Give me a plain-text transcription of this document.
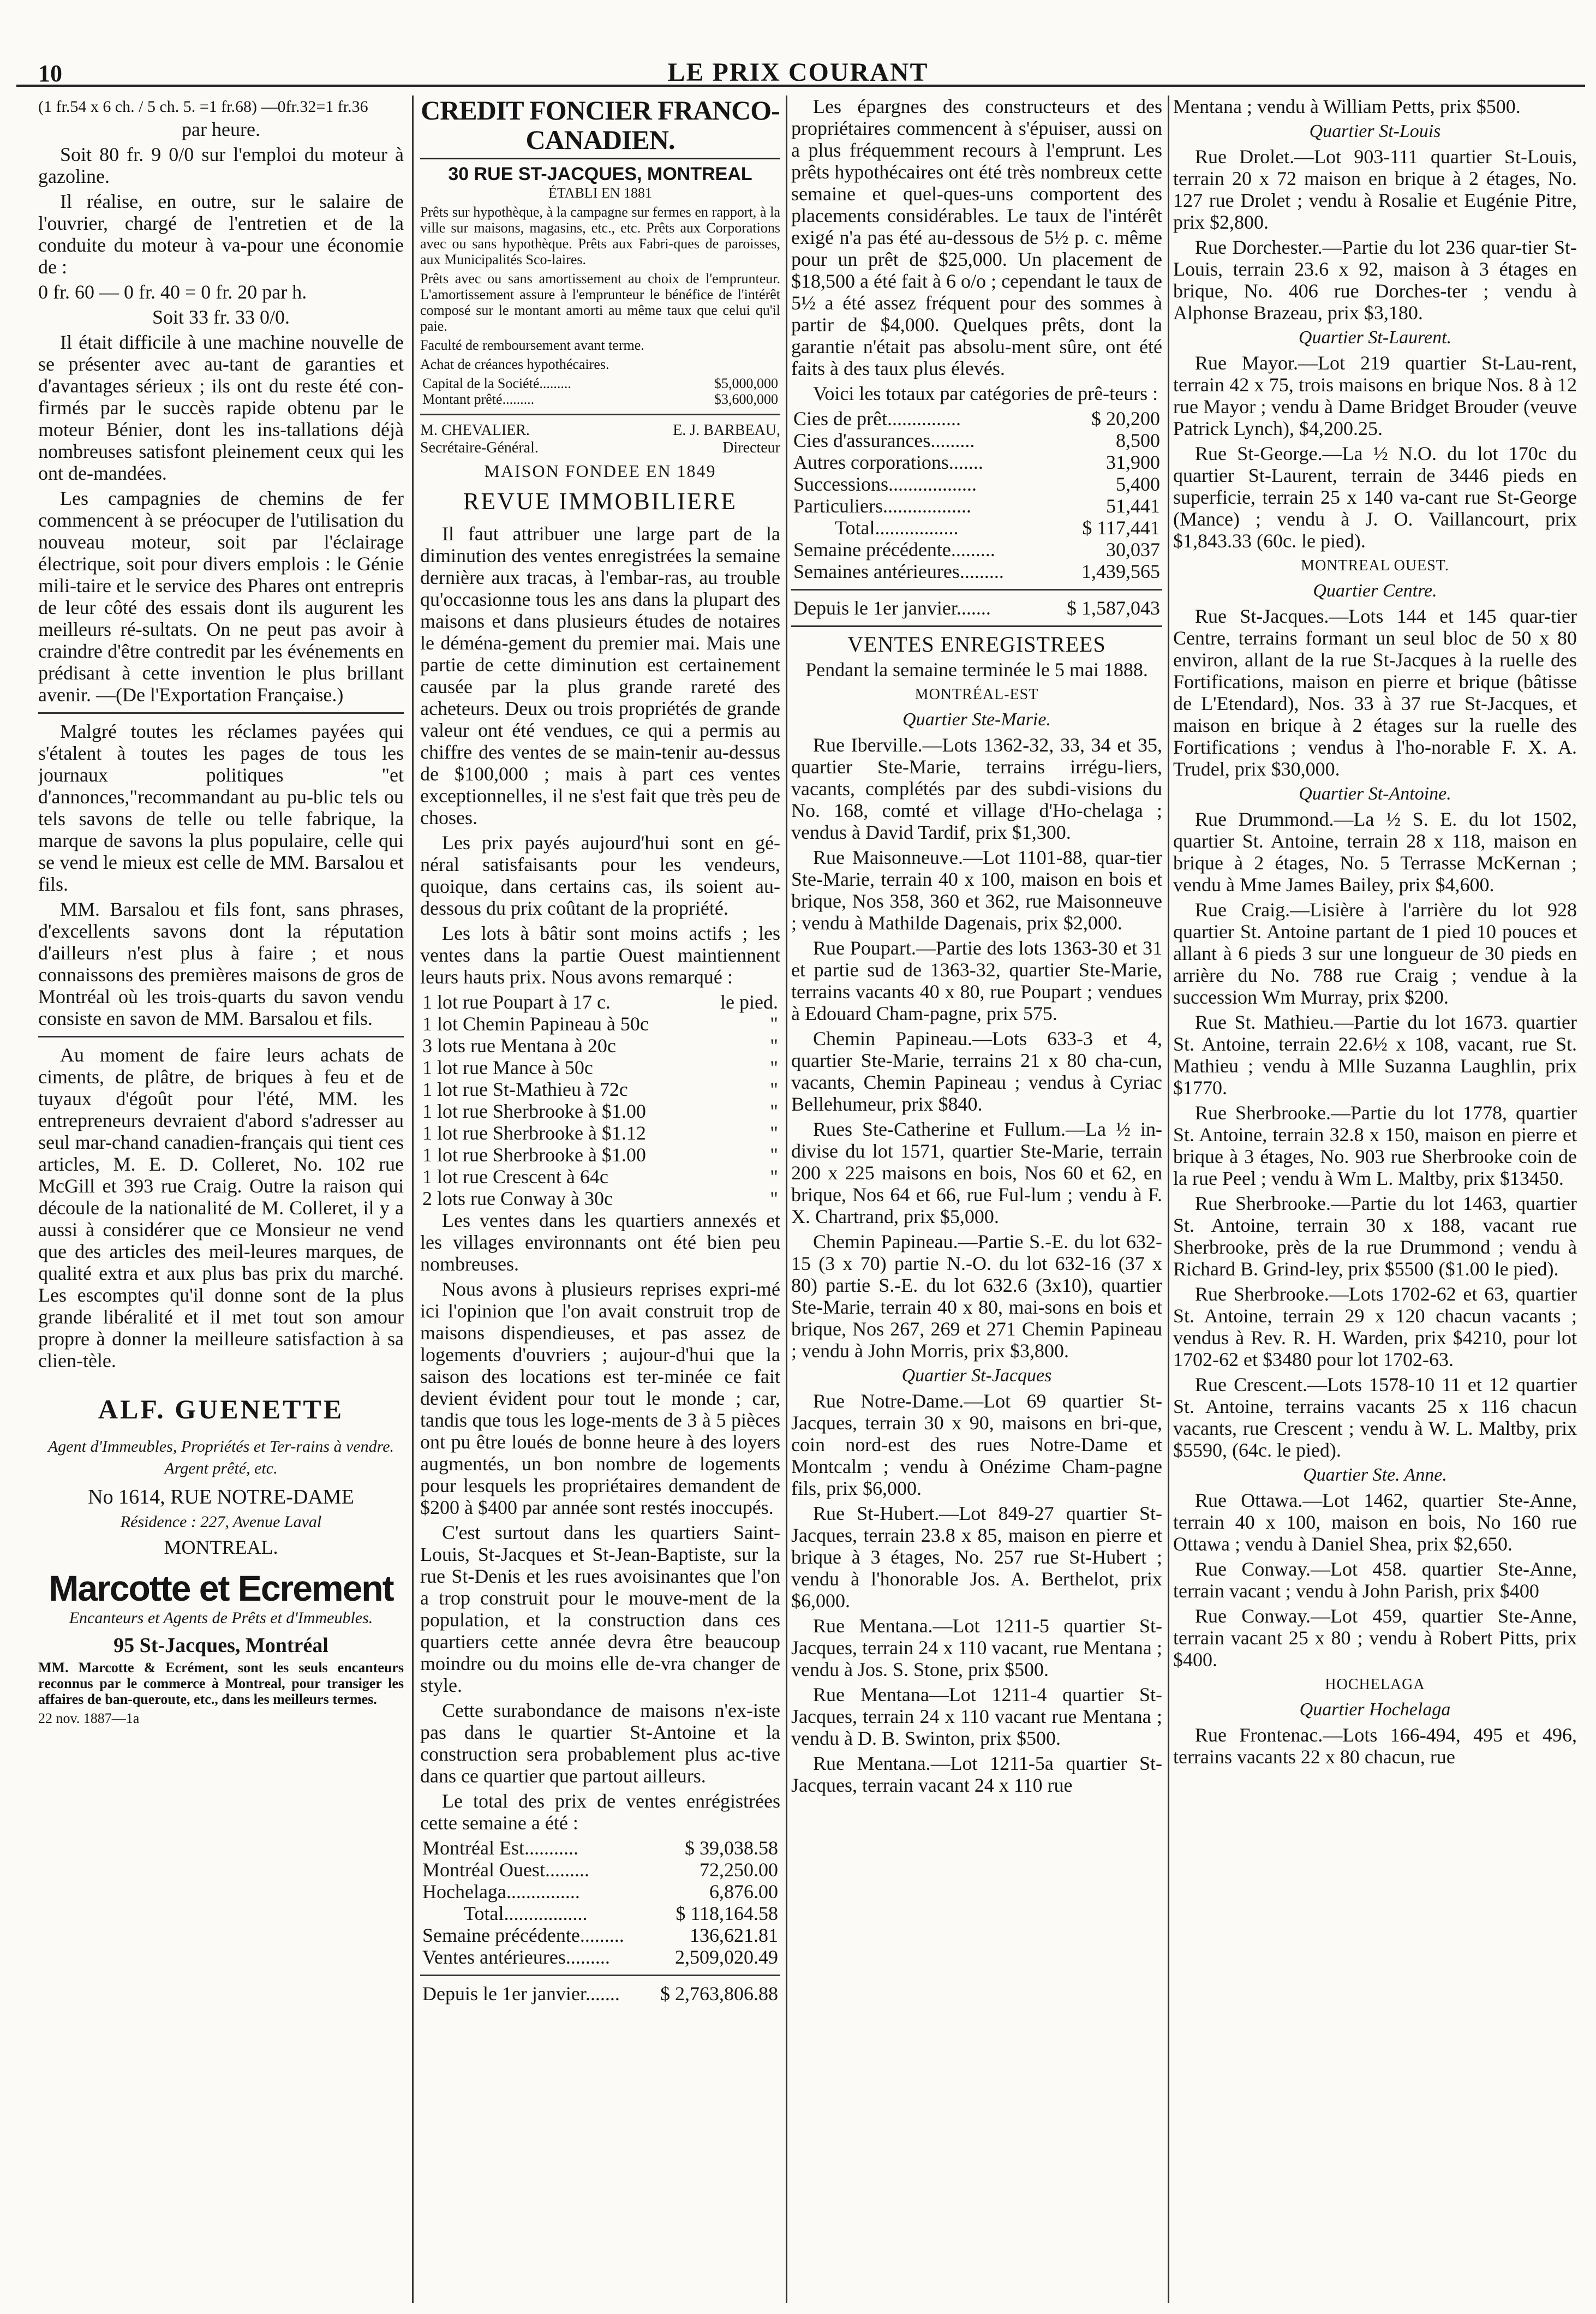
10	LE PRIX COURANT

(1 fr.54 x 6 ch. / 5 ch. 5. =1 fr.68) —0fr.32=1 fr.36

par heure.

Soit 80 fr. 9 0/0 sur l'emploi du moteur à gazoline.

Il réalise, en outre, sur le salaire de l'ouvrier, chargé de l'entretien et de la conduite du moteur à va-pour une économie de :

0 fr. 60 — 0 fr. 40 = 0 fr. 20 par h.

Soit 33 fr. 33 0/0.

Il était difficile à une machine nouvelle de se présenter avec au-tant de garanties et d'avantages sérieux ; ils ont du reste été con-firmés par le succès rapide obtenu par le moteur Bénier, dont les ins-tallations déjà nombreuses satisfont pleinement ceux qui les ont de-mandées.

Les campagnies de chemins de fer commencent à se préocuper de l'utilisation du nouveau moteur, soit par l'éclairage électrique, soit pour divers emplois : le Génie mili-taire et le service des Phares ont entrepris de leur côté des essais dont ils augurent les meilleurs ré-sultats. On ne peut pas avoir à craindre d'être contredit par les événements en prédisant à cette invention le plus brillant avenir. —(De l'Exportation Française.)

Malgré toutes les réclames payées qui s'étalent à toutes les pages de tous les journaux politiques "et d'annonces,"recommandant au pu-blic tels ou tels savons de telle ou telle fabrique, la marque de savons la plus populaire, celle qui se vend le mieux est celle de MM. Barsalou et fils.

MM. Barsalou et fils font, sans phrases, d'excellents savons dont la réputation d'ailleurs n'est plus à faire ; et nous connaissons des premières maisons de gros de Montréal où les trois-quarts du savon vendu consiste en savon de MM. Barsalou et fils.

Au moment de faire leurs achats de ciments, de plâtre, de briques à feu et de tuyaux d'égoût pour l'été, MM. les entrepreneurs devraient d'abord s'adresser au seul mar-chand canadien-français qui tient ces articles, M. E. D. Colleret, No. 102 rue McGill et 393 rue Craig. Outre la raison qui découle de la nationalité de M. Colleret, il y a aussi à considérer que ce Monsieur ne vend que des articles des meil-leures marques, de qualité extra et aux plus bas prix du marché. Les escomptes qu'il donne sont de la plus grande libéralité et il met tout son amour propre à donner la meilleure satisfaction à sa clien-tèle.

ALF. GUENETTE

Agent d'Immeubles, Propriétés et Ter-rains à vendre. Argent prêté, etc.

No 1614, RUE NOTRE-DAME

Résidence : 227, Avenue Laval

MONTREAL.

Marcotte et Ecrement

Encanteurs et Agents de Prêts et d'Immeubles.

95 St-Jacques, Montréal

MM. Marcotte & Ecrément, sont les seuls encanteurs reconnus par le commerce à Montreal, pour transiger les affaires de ban-queroute, etc., dans les meilleurs termes.

22 nov. 1887—1a

CREDIT FONCIER FRANCO-CANADIEN.
30 RUE ST-JACQUES, MONTREAL

ÉTABLI EN 1881

Prêts sur hypothèque, à la campagne sur fermes en rapport, à la ville sur maisons, magasins, etc., etc. Prêts aux Corporations avec ou sans hypothèque. Prêts aux Fabri-ques de paroisses, aux Municipalités Sco-laires.

Prêts avec ou sans amortissement au choix de l'emprunteur. L'amortissement assure à l'emprunteur le bénéfice de l'intérêt composé sur le montant amorti au même taux que celui qu'il paie.

Faculté de remboursement avant terme.

Achat de créances hypothécaires.

Capital de la Société.........	$5,000,000
Montant prêté.........	$3,600,000
M. CHEVALIER.	E. J. BARBEAU,
Secrétaire-Général.	Directeur

MAISON FONDEE EN 1849

REVUE IMMOBILIERE

Il faut attribuer une large part de la diminution des ventes enregistrées la semaine dernière aux tracas, à l'embar-ras, au trouble qu'occasionne tous les ans dans la plupart des maisons et dans plusieurs études de notaires le déména-gement du premier mai. Mais une partie de cette diminution est certainement causée par la plus grande rareté des acheteurs. Deux ou trois propriétés de grande valeur ont été vendues, ce qui a permis au chiffre des ventes de se main-tenir au-dessus de $100,000 ; mais à part ces ventes exceptionnelles, il ne s'est fait que très peu de choses.

Les prix payés aujourd'hui sont en gé-néral satisfaisants pour les vendeurs, quoique, dans certains cas, ils soient au-dessous du prix coûtant de la propriété.

Les lots à bâtir sont moins actifs ; les ventes dans la partie Ouest maintiennent leurs hauts prix. Nous avons remarqué :

1 lot rue Poupart à 17 c.	le pied.
1 lot Chemin Papineau à 50c	"
3 lots rue Mentana à 20c	"
1 lot rue Mance à 50c	"
1 lot rue St-Mathieu à 72c	"
1 lot rue Sherbrooke à $1.00	"
1 lot rue Sherbrooke à $1.12	"
1 lot rue Sherbrooke à $1.00	"
1 lot rue Crescent à 64c	"
2 lots rue Conway à 30c	"

Les ventes dans les quartiers annexés et les villages environnants ont été bien peu nombreuses.

Nous avons à plusieurs reprises expri-mé ici l'opinion que l'on avait construit trop de maisons dispendieuses, et pas assez de logements d'ouvriers ; aujour-d'hui que la saison des locations est ter-minée ce fait devient évident pour tout le monde ; car, tandis que tous les loge-ments de 3 à 5 pièces ont pu être loués de bonne heure à des loyers augmentés, un bon nombre de logements pour lesquels les propriétaires demandent de $200 à $400 par année sont restés inoccupés.

C'est surtout dans les quartiers Saint-Louis, St-Jacques et St-Jean-Baptiste, sur la rue St-Denis et les rues avoisinantes que l'on a trop construit pour le mouve-ment de la population, et la construction dans ces quartiers cette année devra être beaucoup moindre ou du moins elle de-vra changer de style.

Cette surabondance de maisons n'ex-iste pas dans le quartier St-Antoine et la construction sera probablement plus ac-tive dans ce quartier que partout ailleurs.

Le total des prix de ventes enrégistrées cette semaine a été :

Montréal Est...........	$ 39,038.58
Montréal Ouest.........	72,250.00
Hochelaga...............	6,876.00
Total.................	$ 118,164.58
Semaine précédente.........	136,621.81
Ventes antérieures.........	2,509,020.49
Depuis le 1er janvier.......	$ 2,763,806.88

Les épargnes des constructeurs et des propriétaires commencent à s'épuiser, aussi on a plus fréquemment recours à l'emprunt. Les prêts hypothécaires ont été très nombreux cette semaine et quel-ques-uns comportent des placements considérables. Le taux de l'intérêt exigé n'a pas été au-dessous de 5½ p. c. même pour un prêt de $25,000. Un placement de $18,500 a été fait à 6 o/o ; cependant le taux de 5½ a été assez fréquent pour des sommes à partir de $4,000. Quelques prêts, dont la garantie n'était pas absolu-ment sûre, ont été faits à des taux plus élevés.

Voici les totaux par catégories de prê-teurs :

Cies de prêt...............	$ 20,200
Cies d'assurances.........	8,500
Autres corporations.......	31,900
Successions..................	5,400
Particuliers..................	51,441
Total.................	$ 117,441
Semaine précédente.........	30,037
Semaines antérieures.........	1,439,565
Depuis le 1er janvier.......	$ 1,587,043

VENTES ENREGISTREES

Pendant la semaine terminée le 5 mai 1888.

MONTRÉAL-EST

Quartier Ste-Marie.

Rue Iberville.—Lots 1362-32, 33, 34 et 35, quartier Ste-Marie, terrains irrégu-liers, vacants, complétés par des subdi-visions du No. 168, comté et village d'Ho-chelaga ; vendus à David Tardif, prix $1,300.

Rue Maisonneuve.—Lot 1101-88, quar-tier Ste-Marie, terrain 40 x 100, maison en bois et brique, Nos 358, 360 et 362, rue Maisonneuve ; vendu à Mathilde Dagenais, prix $2,000.

Rue Poupart.—Partie des lots 1363-30 et 31 et partie sud de 1363-32, quartier Ste-Marie, terrains vacants 40 x 80, rue Poupart ; vendues à Edouard Cham-pagne, prix 575.

Chemin Papineau.—Lots 633-3 et 4, quartier Ste-Marie, terrains 21 x 80 cha-cun, vacants, Chemin Papineau ; vendus à Cyriac Bellehumeur, prix $840.

Rues Ste-Catherine et Fullum.—La ½ in-divise du lot 1571, quartier Ste-Marie, terrain 200 x 225 maisons en bois, Nos 60 et 62, en brique, Nos 64 et 66, rue Ful-lum ; vendu à F. X. Chartrand, prix $5,000.

Chemin Papineau.—Partie S.-E. du lot 632-15 (3 x 70) partie N.-O. du lot 632-16 (37 x 80) partie S.-E. du lot 632.6 (3x10), quartier Ste-Marie, terrain 40 x 80, mai-sons en bois et brique, Nos 267, 269 et 271 Chemin Papineau ; vendu à John Morris, prix $3,800.

Quartier St-Jacques

Rue Notre-Dame.—Lot 69 quartier St-Jacques, terrain 30 x 90, maisons en bri-que, coin nord-est des rues Notre-Dame et Montcalm ; vendu à Onézime Cham-pagne fils, prix $6,000.

Rue St-Hubert.—Lot 849-27 quartier St-Jacques, terrain 23.8 x 85, maison en pierre et brique à 3 étages, No. 257 rue St-Hubert ; vendu à l'honorable Jos. A. Berthelot, prix $6,000.

Rue Mentana.—Lot 1211-5 quartier St-Jacques, terrain 24 x 110 vacant, rue Mentana ; vendu à Jos. S. Stone, prix $500.

Rue Mentana—Lot 1211-4 quartier St-Jacques, terrain 24 x 110 vacant rue Mentana ; vendu à D. B. Swinton, prix $500.

Rue Mentana.—Lot 1211-5a quartier St-Jacques, terrain vacant 24 x 110 rue

Mentana ; vendu à William Petts, prix $500.

Quartier St-Louis

Rue Drolet.—Lot 903-111 quartier St-Louis, terrain 20 x 72 maison en brique à 2 étages, No. 127 rue Drolet ; vendu à Rosalie et Eugénie Pitre, prix $2,800.

Rue Dorchester.—Partie du lot 236 quar-tier St-Louis, terrain 23.6 x 92, maison à 3 étages en brique, No. 406 rue Dorches-ter ; vendu à Alphonse Brazeau, prix $3,180.

Quartier St-Laurent.

Rue Mayor.—Lot 219 quartier St-Lau-rent, terrain 42 x 75, trois maisons en brique Nos. 8 à 12 rue Mayor ; vendu à Dame Bridget Brouder (veuve Patrick Lynch), $4,200.25.

Rue St-George.—La ½ N.O. du lot 170c du quartier St-Laurent, terrain de 3446 pieds en superficie, terrain 25 x 140 va-cant rue St-George (Mance) ; vendu à J. O. Vaillancourt, prix $1,843.33 (60c. le pied).

MONTREAL OUEST.

Quartier Centre.

Rue St-Jacques.—Lots 144 et 145 quar-tier Centre, terrains formant un seul bloc de 50 x 80 environ, allant de la rue St-Jacques à la ruelle des Fortifications, maison en pierre et brique (bâtisse de L'Etendard), Nos. 33 à 37 rue St-Jacques, et maison en brique à 2 étages sur la ruelle des Fortifications ; vendus à l'ho-norable F. X. A. Trudel, prix $30,000.

Quartier St-Antoine.

Rue Drummond.—La ½ S. E. du lot 1502, quartier St. Antoine, terrain 28 x 118, maison en brique à 2 étages, No. 5 Terrasse McKernan ; vendu à Mme James Bailey, prix $4,600.

Rue Craig.—Lisière à l'arrière du lot 928 quartier St. Antoine partant de 1 pied 10 pouces et allant à 6 pieds 3 sur une longueur de 30 pieds en arrière du No. 788 rue Craig ; vendue à la succession Wm Murray, prix $200.

Rue St. Mathieu.—Partie du lot 1673. quartier St. Antoine, terrain 22.6½ x 108, vacant, rue St. Mathieu ; vendu à Mlle Suzanna Laughlin, prix $1770.

Rue Sherbrooke.—Partie du lot 1778, quartier St. Antoine, terrain 32.8 x 150, maison en pierre et brique à 3 étages, No. 903 rue Sherbrooke coin de la rue Peel ; vendu à Wm L. Maltby, prix $13450.

Rue Sherbrooke.—Partie du lot 1463, quartier St. Antoine, terrain 30 x 188, vacant rue Sherbrooke, près de la rue Drummond ; vendu à Richard B. Grind-ley, prix $5500 ($1.00 le pied).

Rue Sherbrooke.—Lots 1702-62 et 63, quartier St. Antoine, terrain 29 x 120 chacun vacants ; vendus à Rev. R. H. Warden, prix $4210, pour lot 1702-62 et $3480 pour lot 1702-63.

Rue Crescent.—Lots 1578-10 11 et 12 quartier St. Antoine, terrains vacants 25 x 116 chacun vacants, rue Crescent ; vendu à W. L. Maltby, prix $5590, (64c. le pied).

Quartier Ste. Anne.

Rue Ottawa.—Lot 1462, quartier Ste-Anne, terrain 40 x 100, maison en bois, No 160 rue Ottawa ; vendu à Daniel Shea, prix $2,650.

Rue Conway.—Lot 458. quartier Ste-Anne, terrain vacant ; vendu à John Parish, prix $400

Rue Conway.—Lot 459, quartier Ste-Anne, terrain vacant 25 x 80 ; vendu à Robert Pitts, prix $400.

HOCHELAGA

Quartier Hochelaga

Rue Frontenac.—Lots 166-494, 495 et 496, terrains vacants 22 x 80 chacun, rue
